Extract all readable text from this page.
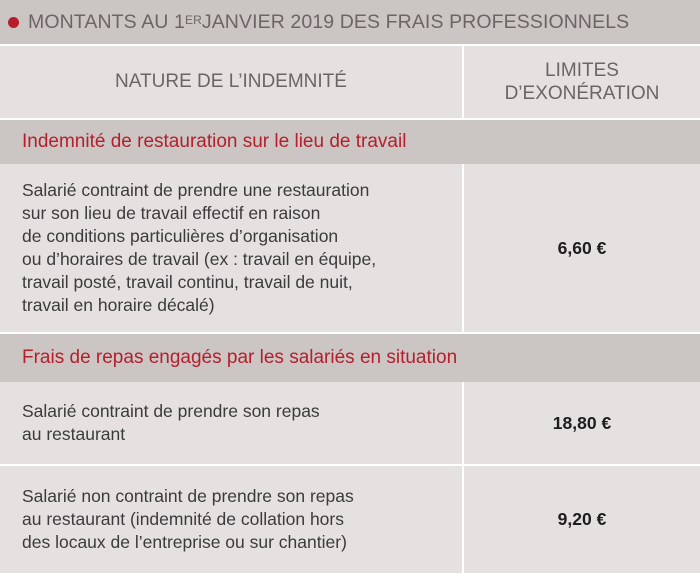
MONTANTS AU 1ER JANVIER 2019 DES FRAIS PROFESSIONNELS
NATURE DE L’INDEMNITÉ
LIMITES
D’EXONÉRATION
Indemnité de restauration sur le lieu de travail
Salarié contraint de prendre une restauration
sur son lieu de travail effectif en raison
de conditions particulières d’organisation
ou d’horaires de travail (ex : travail en équipe,
travail posté, travail continu, travail de nuit,
travail en horaire décalé)
6,60 €
Frais de repas engagés par les salariés en situation
Salarié contraint de prendre son repas
au restaurant
18,80 €
Salarié non contraint de prendre son repas
au restaurant (indemnité de collation hors
des locaux de l’entreprise ou sur chantier)
9,20 €
